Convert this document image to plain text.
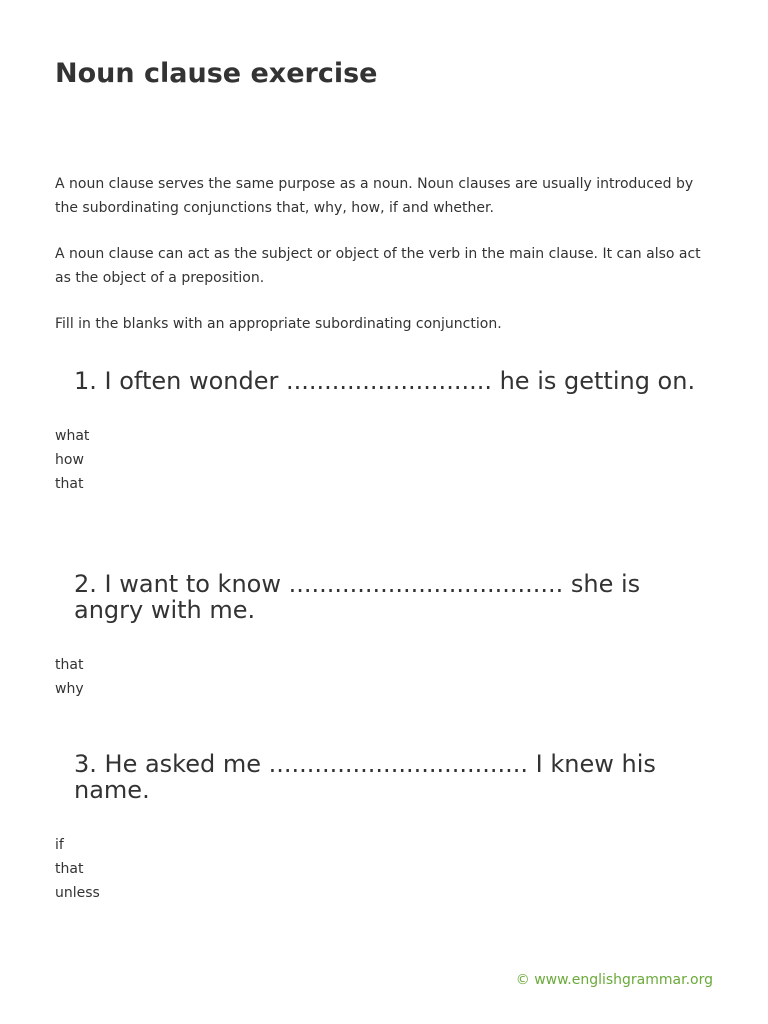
Noun clause exercise

A noun clause serves the same purpose as a noun. Noun clauses are usually introduced by the subordinating conjunctions that, why, how, if and whether.

A noun clause can act as the subject or object of the verb in the main clause. It can also act as the object of a preposition.

Fill in the blanks with an appropriate subordinating conjunction.

1. I often wonder ........................... he is getting on.
what
how
that
2. I want to know .................................... she is angry with me.
that
why
3. He asked me .................................. I knew his name.
if
that
unless
© www.englishgrammar.org
